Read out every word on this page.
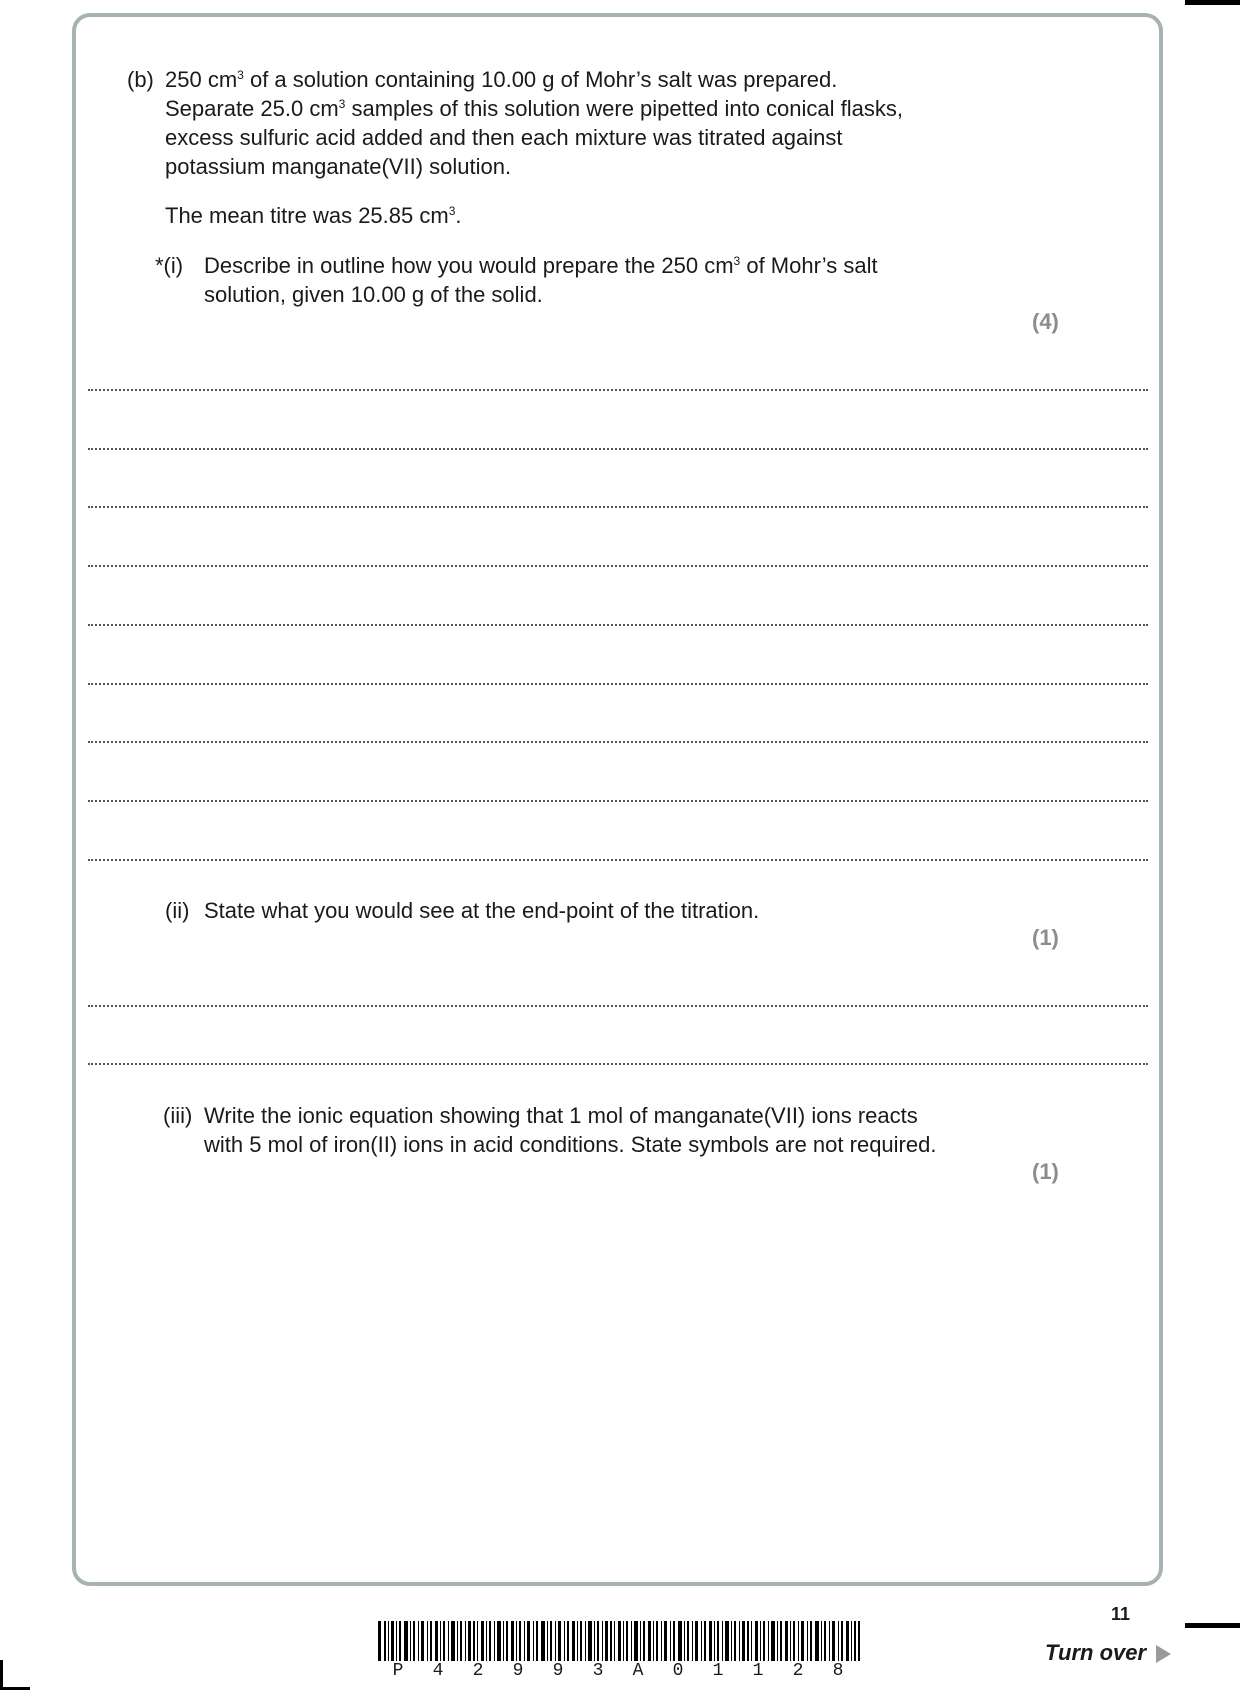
(b) 250 $cm^3$ of a solution containing 10.00 g of Mohr’s salt was prepared.
Separate 25.0 $cm^3$ samples of this solution were pipetted into conical flasks,
excess sulfuric acid added and then each mixture was titrated against
potassium manganate(VII) solution.
The mean titre was 25.85 $cm^3$.
*(i) Describe in outline how you would prepare the 250 $cm^3$ of Mohr’s salt
solution, given 10.00 g of the solid.
(4)
(ii) State what you would see at the end-point of the titration.
(1)
(iii) Write the ionic equation showing that 1 mol of manganate(VII) ions reacts
with 5 mol of iron(II) ions in acid conditions. State symbols are not required.
(1)
11
P 4 2 9 9 3 A 0 1 1 2 8
Turn over
